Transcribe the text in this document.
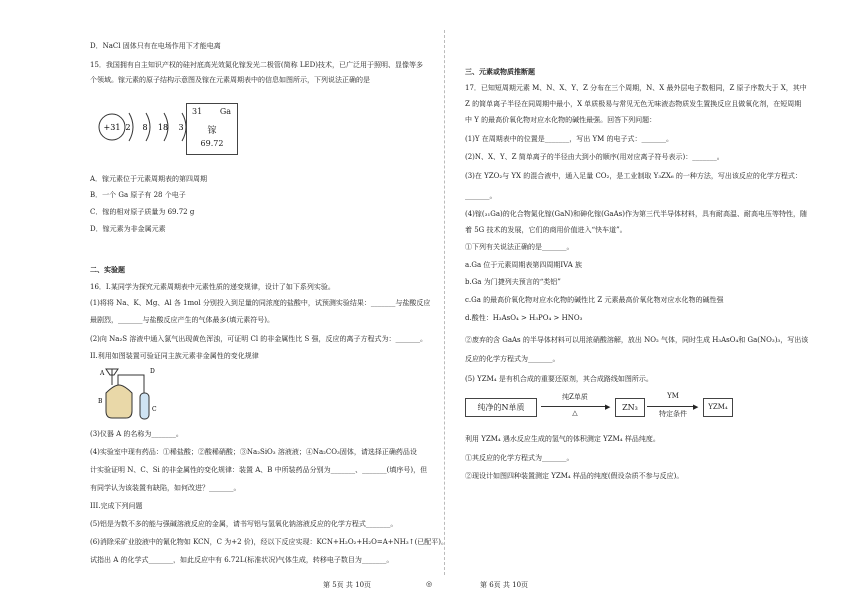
D．NaCl 固体只有在电场作用下才能电离
15．我国拥有自主知识产权的硅衬底高光效氮化镓发光二极管(简称 LED)技术，已广泛用于照明、显像等多
个领域。镓元素的原子结构示意图及镓在元素周期表中的信息如图所示，下列说法正确的是
+31 2 8 18 3
31 Ga
镓
69.72
A．镓元素位于元素周期表的第四周期
B．一个 Ga 原子有 28 个电子
C．镓的相对原子质量为 69.72 g
D．镓元素为非金属元素
二、实验题
16．I.某同学为探究元素周期表中元素性质的递变规律，设计了如下系列实验。
(1)将将 Na、K、Mg、Al 各 1mol 分别投入到足量的同浓度的盐酸中，试预测实验结果：_______与盐酸反应
最剧烈，_______与盐酸反应产生的气体最多(填元素符号)。
(2)向 Na₂S 溶液中通入氯气出现黄色浑浊，可证明 Cl 的非金属性比 S 强，反应的离子方程式为：_______。
II.利用如图装置可验证同主族元素非金属性的变化规律
A
B
C
D
(3)仪器 A 的名称为_______。
(4)实验室中现有药品：①稀盐酸；②酸稀硝酸；③Na₂SiO₃ 溶液液；④Na₂CO₃固体，请选择正确药品设
计实验证明 N、C、Si 的非金属性的变化规律：装置 A、B 中所装药品分别为_______、_______(填序号)，但
有同学认为该装置有缺陷，如何改进？_______。
III.完成下列问题
(5)铝是为数不多的能与强碱溶液反应的金属，请书写铝与氢氧化钠溶液反应的化学方程式_______。
(6)消除采矿业胶液中的氰化物如 KCN，C 为+2 价)，经以下反应实现：KCN+H₂O₂+H₂O=A+NH₃↑(已配平)。
试指出 A 的化学式_______，如此反应中有 6.72L(标准状况)气体生成，转移电子数目为_______。
三、元素或物质推断题
17．已知短周期元素 M、N、X、Y、Z 分布在三个周期，N、X 最外层电子数相同，Z 原子序数大于 X，其中
Z 的简单离子半径在同周期中最小，X 单质极易与常见无色无味液态物质发生置换反应且做氧化剂，在短周期
中 Y 的最高价氧化物对应水化物的碱性最强。回答下列问题：
(1)Y 在周期表中的位置是_______，写出 YM 的电子式：_______。
(2)N、X、Y、Z 简单离子的半径由大到小的顺序(用对应离子符号表示)：_______。
(3)在 YZO₂与 YX 的混合液中，通入足量 CO₂，是工业制取 Y₃ZX₆ 的一种方法，写出该反应的化学方程式：
_______。
(4)镓(₃₁Ga)的化合物氮化镓(GaN)和砷化镓(GaAs)作为第三代半导体材料，具有耐高温、耐高电压等特性，随
着 5G 技术的发展，它们的商用价值进入“快车道”。
①下列有关说法正确的是_______。
a.Ga 位于元素周期表第四周期IVA 族
b.Ga 为门捷列夫预言的“类铝”
c.Ga 的最高价氧化物对应水化物的碱性比 Z 元素最高价氧化物对应水化物的碱性强
d.酸性：H₃AsO₄ > H₃PO₄ > HNO₃
②废弃的含 GaAs 的半导体材料可以用浓硝酸溶解，放出 NO₂ 气体，同时生成 H₃AsO₄和 Ga(NO₃)₃，写出该
反应的化学方程式为_______。
(5) YZM₄ 是有机合成的重要还原剂，其合成路线如图所示。
纯净的N单质
纯Z单质
▶
△
ZN₃
YM
▶
特定条件
YZM₄
利用 YZM₄ 遇水反应生成的氢气的体积测定 YZM₄ 样品纯度。
①其反应的化学方程式为_______。
②现设计如图四种装置测定 YZM₄ 样品的纯度(假设杂质不参与反应)。
第 5页 共 10页	◎	第 6页 共 10页
